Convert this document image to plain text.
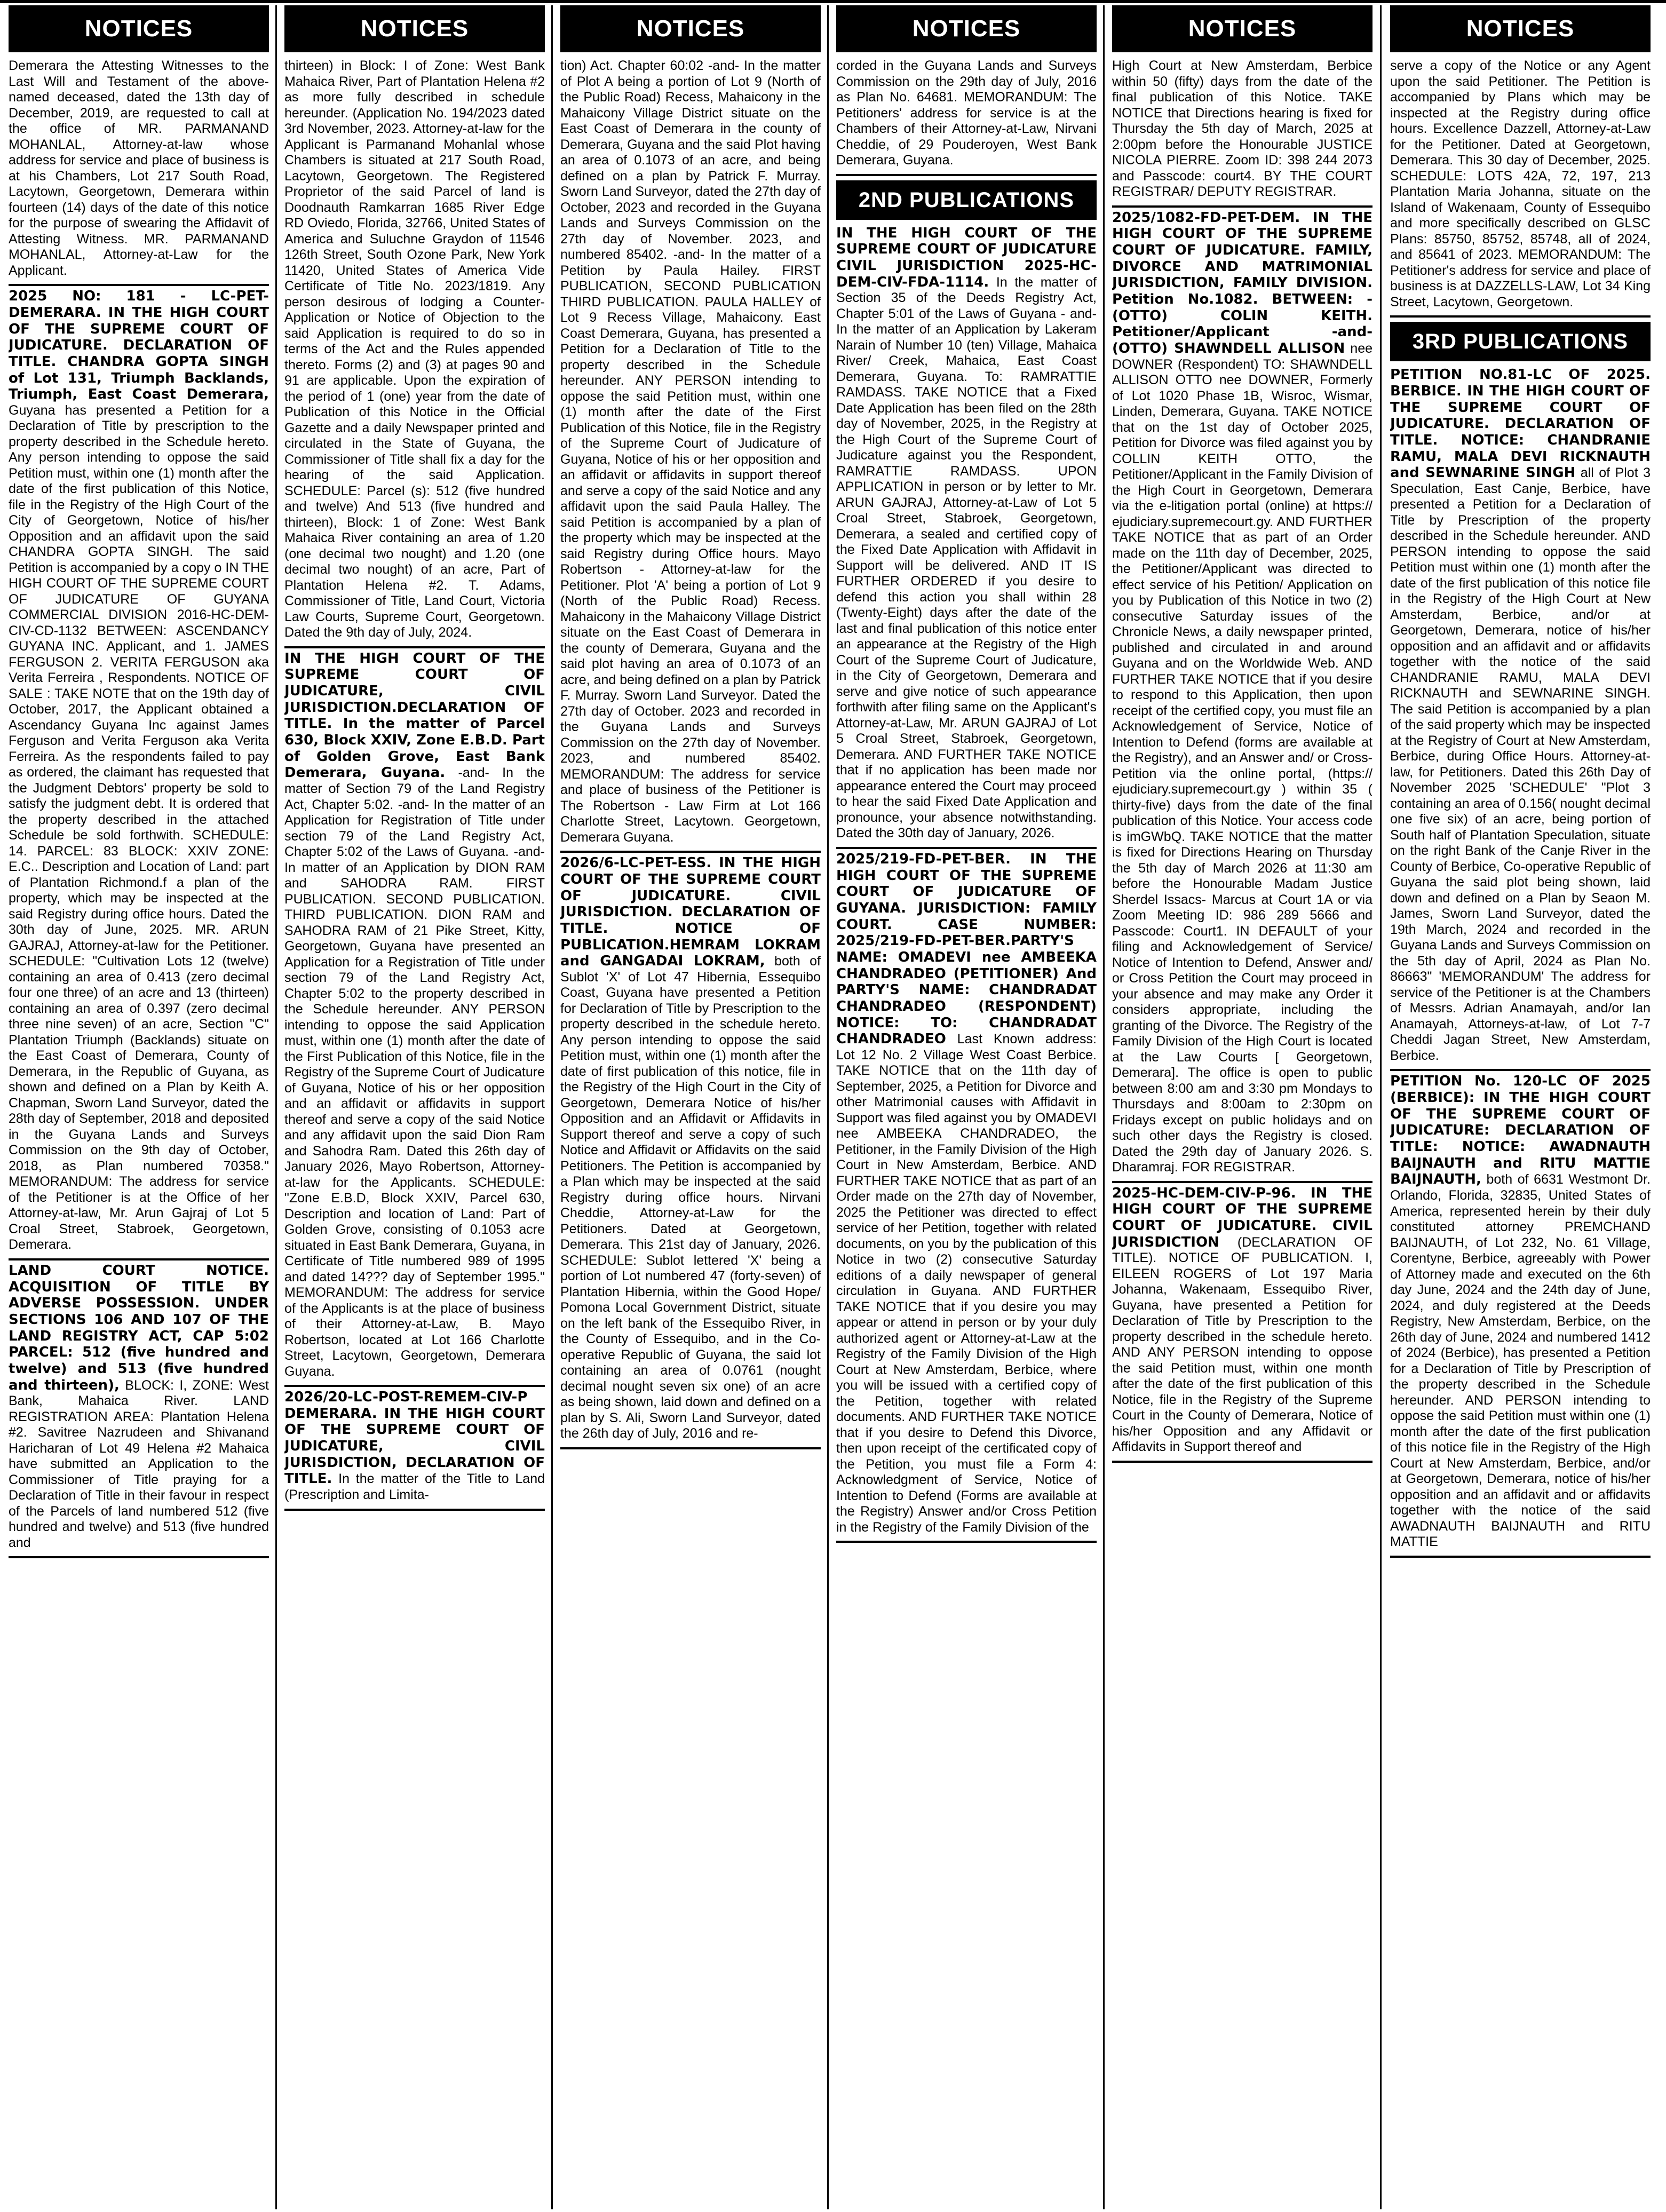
NOTICES

Demerara the Attesting Witnesses to the Last Will and Testament of the above-named deceased, dated the 13th day of December, 2019, are requested to call at the office of MR. PARMANAND MOHANLAL, Attorney-at-law whose address for service and place of business is at his Chambers, Lot 217 South Road, Lacytown, Georgetown, Demerara within fourteen (14) days of the date of this notice for the purpose of swearing the Affidavit of Attesting Witness. MR. PARMANAND MOHANLAL, Attorney-at-Law for the Applicant.

2025 NO: 181 - LC-PET-DEMERARA. IN THE HIGH COURT OF THE SUPREME COURT OF JUDICATURE. DECLARATION OF TITLE. CHANDRA GOPTA SINGH of Lot 131, Triumph Backlands, Triumph, East Coast Demerara, Guyana has presented a Petition for a Declaration of Title by prescription to the property described in the Schedule hereto. Any person intending to oppose the said Petition must, within one (1) month after the date of the first publication of this Notice, file in the Registry of the High Court of the City of Georgetown, Notice of his/her Opposition and an affidavit upon the said CHANDRA GOPTA SINGH. The said Petition is accompanied by a copy o IN THE HIGH COURT OF THE SUPREME COURT OF JUDICATURE OF GUYANA COMMERCIAL DIVISION 2016-HC-DEM-CIV-CD-1132 BETWEEN: ASCENDANCY GUYANA INC. Applicant, and 1. JAMES FERGUSON 2. VERITA FERGUSON aka Verita Ferreira , Respondents. NOTICE OF SALE : TAKE NOTE that on the 19th day of October, 2017, the Applicant obtained a Ascendancy Guyana Inc against James Ferguson and Verita Ferguson aka Verita Ferreira. As the respondents failed to pay as ordered, the claimant has requested that the Judgment Debtors' property be sold to satisfy the judgment debt. It is ordered that the property described in the attached Schedule be sold forthwith. SCHEDULE: 14. PARCEL: 83 BLOCK: XXIV ZONE: E.C.. Description and Location of Land: part of Plantation Richmond.f a plan of the property, which may be inspected at the said Registry during office hours. Dated the 30th day of June, 2025. MR. ARUN GAJRAJ, Attorney-at-law for the Petitioner. SCHEDULE: "Cultivation Lots 12 (twelve) containing an area of 0.413 (zero decimal four one three) of an acre and 13 (thirteen) containing an area of 0.397 (zero decimal three nine seven) of an acre, Section "C" Plantation Triumph (Backlands) situate on the East Coast of Demerara, County of Demerara, in the Republic of Guyana, as shown and defined on a Plan by Keith A. Chapman, Sworn Land Surveyor, dated the 28th day of September, 2018 and deposited in the Guyana Lands and Surveys Commission on the 9th day of October, 2018, as Plan numbered 70358." MEMORANDUM: The address for service of the Petitioner is at the Office of her Attorney-at-law, Mr. Arun Gajraj of Lot 5 Croal Street, Stabroek, Georgetown, Demerara.

LAND COURT NOTICE. ACQUISITION OF TITLE BY ADVERSE POSSESSION. UNDER SECTIONS 106 AND 107 OF THE LAND REGISTRY ACT, CAP 5:02 PARCEL: 512 (five hundred and twelve) and 513 (five hundred and thirteen), BLOCK: I, ZONE: West Bank, Mahaica River. LAND REGISTRATION AREA: Plantation Helena #2. Savitree Nazrudeen and Shivanand Haricharan of Lot 49 Helena #2 Mahaica have submitted an Application to the Commissioner of Title praying for a Declaration of Title in their favour in respect of the Parcels of land numbered 512 (five hundred and twelve) and 513 (five hundred and

NOTICES

thirteen) in Block: I of Zone: West Bank Mahaica River, Part of Plantation Helena #2 as more fully described in schedule hereunder. (Application No. 194/2023 dated 3rd November, 2023. Attorney-at-law for the Applicant is Parmanand Mohanlal whose Chambers is situated at 217 South Road, Lacytown, Georgetown. The Registered Proprietor of the said Parcel of land is Doodnauth Ramkarran 1685 River Edge RD Oviedo, Florida, 32766, United States of America and Suluchne Graydon of 11546 126th Street, South Ozone Park, New York 11420, United States of America Vide Certificate of Title No. 2023/1819. Any person desirous of lodging a Counter-Application or Notice of Objection to the said Application is required to do so in terms of the Act and the Rules appended thereto. Forms (2) and (3) at pages 90 and 91 are applicable. Upon the expiration of the period of 1 (one) year from the date of Publication of this Notice in the Official Gazette and a daily Newspaper printed and circulated in the State of Guyana, the Commissioner of Title shall fix a day for the hearing of the said Application. SCHEDULE: Parcel (s): 512 (five hundred and twelve) And 513 (five hundred and thirteen), Block: 1 of Zone: West Bank Mahaica River containing an area of 1.20 (one decimal two nought) and 1.20 (one decimal two nought) of an acre, Part of Plantation Helena #2. T. Adams, Commissioner of Title, Land Court, Victoria Law Courts, Supreme Court, Georgetown. Dated the 9th day of July, 2024.

IN THE HIGH COURT OF THE SUPREME COURT OF JUDICATURE, CIVIL JURISDICTION.DECLARATION OF TITLE. In the matter of Parcel 630, Block XXIV, Zone E.B.D. Part of Golden Grove, East Bank Demerara, Guyana. -and- In the matter of Section 79 of the Land Registry Act, Chapter 5:02. -and- In the matter of an Application for Registration of Title under section 79 of the Land Registry Act, Chapter 5:02 of the Laws of Guyana. -and- In matter of an Application by DION RAM and SAHODRA RAM. FIRST PUBLICATION. SECOND PUBLICATION. THIRD PUBLICATION. DION RAM and SAHODRA RAM of 21 Pike Street, Kitty, Georgetown, Guyana have presented an Application for a Registration of Title under section 79 of the Land Registry Act, Chapter 5:02 to the property described in the Schedule hereunder. ANY PERSON intending to oppose the said Application must, within one (1) month after the date of the First Publication of this Notice, file in the Registry of the Supreme Court of Judicature of Guyana, Notice of his or her opposition and an affidavit or affidavits in support thereof and serve a copy of the said Notice and any affidavit upon the said Dion Ram and Sahodra Ram. Dated this 26th day of January 2026, Mayo Robertson, Attorney-at-law for the Applicants. SCHEDULE: "Zone E.B.D, Block XXIV, Parcel 630, Description and location of Land: Part of Golden Grove, consisting of 0.1053 acre situated in East Bank Demerara, Guyana, in Certificate of Title numbered 989 of 1995 and dated 14??? day of September 1995." MEMORANDUM: The address for service of the Applicants is at the place of business of their Attorney-at-Law, B. Mayo Robertson, located at Lot 166 Charlotte Street, Lacytown, Georgetown, Demerara Guyana.

2026/20-LC-POST-REMEM-CIV-P DEMERARA. IN THE HIGH COURT OF THE SUPREME COURT OF JUDICATURE, CIVIL JURISDICTION, DECLARATION OF TITLE. In the matter of the Title to Land (Prescription and Limita-

NOTICES

tion) Act. Chapter 60:02 -and- In the matter of Plot A being a portion of Lot 9 (North of the Public Road) Recess, Mahaicony in the Mahaicony Village District situate on the East Coast of Demerara in the county of Demerara, Guyana and the said Plot having an area of 0.1073 of an acre, and being defined on a plan by Patrick F. Murray. Sworn Land Surveyor, dated the 27th day of October, 2023 and recorded in the Guyana Lands and Surveys Commission on the 27th day of November. 2023, and numbered 85402. -and- In the matter of a Petition by Paula Hailey. FIRST PUBLICATION, SECOND PUBLICATION THIRD PUBLICATION. PAULA HALLEY of Lot 9 Recess Village, Mahaicony. East Coast Demerara, Guyana, has presented a Petition for a Declaration of Title to the property described in the Schedule hereunder. ANY PERSON intending to oppose the said Petition must, within one (1) month after the date of the First Publication of this Notice, file in the Registry of the Supreme Court of Judicature of Guyana, Notice of his or her opposition and an affidavit or affidavits in support thereof and serve a copy of the said Notice and any affidavit upon the said Paula Halley. The said Petition is accompanied by a plan of the property which may be inspected at the said Registry during Office hours. Mayo Robertson - Attorney-at-law for the Petitioner. Plot 'A' being a portion of Lot 9 (North of the Public Road) Recess. Mahaicony in the Mahaicony Village District situate on the East Coast of Demerara in the county of Demerara, Guyana and the said plot having an area of 0.1073 of an acre, and being defined on a plan by Patrick F. Murray. Sworn Land Surveyor. Dated the 27th day of October. 2023 and recorded in the Guyana Lands and Surveys Commission on the 27th day of November. 2023, and numbered 85402. MEMORANDUM: The address for service and place of business of the Petitioner is The Robertson - Law Firm at Lot 166 Charlotte Street, Lacytown. Georgetown, Demerara Guyana.

2026/6-LC-PET-ESS. IN THE HIGH COURT OF THE SUPREME COURT OF JUDICATURE. CIVIL JURISDICTION. DECLARATION OF TITLE. NOTICE OF PUBLICATION.HEMRAM LOKRAM and GANGADAI LOKRAM, both of Sublot 'X' of Lot 47 Hibernia, Essequibo Coast, Guyana have presented a Petition for Declaration of Title by Prescription to the property described in the schedule hereto. Any person intending to oppose the said Petition must, within one (1) month after the date of first publication of this notice, file in the Registry of the High Court in the City of Georgetown, Demerara Notice of his/her Opposition and an Affidavit or Affidavits in Support thereof and serve a copy of such Notice and Affidavit or Affidavits on the said Petitioners. The Petition is accompanied by a Plan which may be inspected at the said Registry during office hours. Nirvani Cheddie, Attorney-at-Law for the Petitioners. Dated at Georgetown, Demerara. This 21st day of January, 2026. SCHEDULE: Sublot lettered 'X' being a portion of Lot numbered 47 (forty-seven) of Plantation Hibernia, within the Good Hope/ Pomona Local Government District, situate on the left bank of the Essequibo River, in the County of Essequibo, and in the Co-operative Republic of Guyana, the said lot containing an area of 0.0761 (nought decimal nought seven six one) of an acre as being shown, laid down and defined on a plan by S. Ali, Sworn Land Surveyor, dated the 26th day of July, 2016 and re-

NOTICES

corded in the Guyana Lands and Surveys Commission on the 29th day of July, 2016 as Plan No. 64681. MEMORANDUM: The Petitioners' address for service is at the Chambers of their Attorney-at-Law, Nirvani Cheddie, of 29 Pouderoyen, West Bank Demerara, Guyana.

2ND PUBLICATIONS

IN THE HIGH COURT OF THE SUPREME COURT OF JUDICATURE CIVIL JURISDICTION 2025-HC-DEM-CIV-FDA-1114. In the matter of Section 35 of the Deeds Registry Act, Chapter 5:01 of the Laws of Guyana - and- In the matter of an Application by Lakeram Narain of Number 10 (ten) Village, Mahaica River/ Creek, Mahaica, East Coast Demerara, Guyana. To: RAMRATTIE RAMDASS. TAKE NOTICE that a Fixed Date Application has been filed on the 28th day of November, 2025, in the Registry at the High Court of the Supreme Court of Judicature against you the Respondent, RAMRATTIE RAMDASS. UPON APPLICATION in person or by letter to Mr. ARUN GAJRAJ, Attorney-at-Law of Lot 5 Croal Street, Stabroek, Georgetown, Demerara, a sealed and certified copy of the Fixed Date Application with Affidavit in Support will be delivered. AND IT IS FURTHER ORDERED if you desire to defend this action you shall within 28 (Twenty-Eight) days after the date of the last and final publication of this notice enter an appearance at the Registry of the High Court of the Supreme Court of Judicature, in the City of Georgetown, Demerara and serve and give notice of such appearance forthwith after filing same on the Applicant's Attorney-at-Law, Mr. ARUN GAJRAJ of Lot 5 Croal Street, Stabroek, Georgetown, Demerara. AND FURTHER TAKE NOTICE that if no application has been made nor appearance entered the Court may proceed to hear the said Fixed Date Application and pronounce, your absence notwithstanding. Dated the 30th day of January, 2026.

2025/219-FD-PET-BER. IN THE HIGH COURT OF THE SUPREME COURT OF JUDICATURE OF GUYANA. JURISDICTION: FAMILY COURT. CASE NUMBER: 2025/219-FD-PET-BER.PARTY'S NAME: OMADEVI nee AMBEEKA CHANDRADEO (PETITIONER) And PARTY'S NAME: CHANDRADAT CHANDRADEO (RESPONDENT) NOTICE: TO: CHANDRADAT CHANDRADEO Last Known address: Lot 12 No. 2 Village West Coast Berbice. TAKE NOTICE that on the 11th day of September, 2025, a Petition for Divorce and other Matrimonial causes with Affidavit in Support was filed against you by OMADEVI nee AMBEEKA CHANDRADEO, the Petitioner, in the Family Division of the High Court in New Amsterdam, Berbice. AND FURTHER TAKE NOTICE that as part of an Order made on the 27th day of November, 2025 the Petitioner was directed to effect service of her Petition, together with related documents, on you by the publication of this Notice in two (2) consecutive Saturday editions of a daily newspaper of general circulation in Guyana. AND FURTHER TAKE NOTICE that if you desire you may appear or attend in person or by your duly authorized agent or Attorney-at-Law at the Registry of the Family Division of the High Court at New Amsterdam, Berbice, where you will be issued with a certified copy of the Petition, together with related documents. AND FURTHER TAKE NOTICE that if you desire to Defend this Divorce, then upon receipt of the certificated copy of the Petition, you must file a Form 4: Acknowledgment of Service, Notice of Intention to Defend (Forms are available at the Registry) Answer and/or Cross Petition in the Registry of the Family Division of the

NOTICES

High Court at New Amsterdam, Berbice within 50 (fifty) days from the date of the final publication of this Notice. TAKE NOTICE that Directions hearing is fixed for Thursday the 5th day of March, 2025 at 2:00pm before the Honourable JUSTICE NICOLA PIERRE. Zoom ID: 398 244 2073 and Passcode: court4. BY THE COURT REGISTRAR/ DEPUTY REGISTRAR.

2025/1082-FD-PET-DEM. IN THE HIGH COURT OF THE SUPREME COURT OF JUDICATURE. FAMILY, DIVORCE AND MATRIMONIAL JURISDICTION, FAMILY DIVISION. Petition No.1082. BETWEEN: - (OTTO) COLIN KEITH. Petitioner/Applicant -and- (OTTO) SHAWNDELL ALLISON nee DOWNER (Respondent) TO: SHAWNDELL ALLISON OTTO nee DOWNER, Formerly of Lot 1020 Phase 1B, Wisroc, Wismar, Linden, Demerara, Guyana. TAKE NOTICE that on the 1st day of October 2025, Petition for Divorce was filed against you by COLLIN KEITH OTTO, the Petitioner/Applicant in the Family Division of the High Court in Georgetown, Demerara via the e-litigation portal (online) at https:// ejudiciary.supremecourt.gy. AND FURTHER TAKE NOTICE that as part of an Order made on the 11th day of December, 2025, the Petitioner/Applicant was directed to effect service of his Petition/ Application on you by Publication of this Notice in two (2) consecutive Saturday issues of the Chronicle News, a daily newspaper printed, published and circulated in and around Guyana and on the Worldwide Web. AND FURTHER TAKE NOTICE that if you desire to respond to this Application, then upon receipt of the certified copy, you must file an Acknowledgement of Service, Notice of Intention to Defend (forms are available at the Registry), and an Answer and/ or Cross- Petition via the online portal, (https:// ejudiciary.supremecourt.gy ) within 35 ( thirty-five) days from the date of the final publication of this Notice. Your access code is imGWbQ. TAKE NOTICE that the matter is fixed for Directions Hearing on Thursday the 5th day of March 2026 at 11:30 am before the Honourable Madam Justice Sherdel Issacs- Marcus at Court 1A or via Zoom Meeting ID: 986 289 5666 and Passcode: Court1. IN DEFAULT of your filing and Acknowledgement of Service/ Notice of Intention to Defend, Answer and/ or Cross Petition the Court may proceed in your absence and may make any Order it considers appropriate, including the granting of the Divorce. The Registry of the Family Division of the High Court is located at the Law Courts [ Georgetown, Demerara]. The office is open to public between 8:00 am and 3:30 pm Mondays to Thursdays and 8:00am to 2:30pm on Fridays except on public holidays and on such other days the Registry is closed. Dated the 29th day of January 2026. S. Dharamraj. FOR REGISTRAR.

2025-HC-DEM-CIV-P-96. IN THE HIGH COURT OF THE SUPREME COURT OF JUDICATURE. CIVIL JURISDICTION (DECLARATION OF TITLE). NOTICE OF PUBLICATION. I, EILEEN ROGERS of Lot 197 Maria Johanna, Wakenaam, Essequibo River, Guyana, have presented a Petition for Declaration of Title by Prescription to the property described in the schedule hereto. AND ANY PERSON intending to oppose the said Petition must, within one month after the date of the first publication of this Notice, file in the Registry of the Supreme Court in the County of Demerara, Notice of his/her Opposition and any Affidavit or Affidavits in Support thereof and

NOTICES

serve a copy of the Notice or any Agent upon the said Petitioner. The Petition is accompanied by Plans which may be inspected at the Registry during office hours. Excellence Dazzell, Attorney-at-Law for the Petitioner. Dated at Georgetown, Demerara. This 30 day of December, 2025. SCHEDULE: LOTS 42A, 72, 197, 213 Plantation Maria Johanna, situate on the Island of Wakenaam, County of Essequibo and more specifically described on GLSC Plans: 85750, 85752, 85748, all of 2024, and 85641 of 2023. MEMORANDUM: The Petitioner's address for service and place of business is at DAZZELLS-LAW, Lot 34 King Street, Lacytown, Georgetown.

3RD PUBLICATIONS

PETITION NO.81-LC OF 2025. BERBICE. IN THE HIGH COURT OF THE SUPREME COURT OF JUDICATURE. DECLARATION OF TITLE. NOTICE: CHANDRANIE RAMU, MALA DEVI RICKNAUTH and SEWNARINE SINGH all of Plot 3 Speculation, East Canje, Berbice, have presented a Petition for a Declaration of Title by Prescription of the property described in the Schedule hereunder. AND PERSON intending to oppose the said Petition must within one (1) month after the date of the first publication of this notice file in the Registry of the High Court at New Amsterdam, Berbice, and/or at Georgetown, Demerara, notice of his/her opposition and an affidavit and or affidavits together with the notice of the said CHANDRANIE RAMU, MALA DEVI RICKNAUTH and SEWNARINE SINGH. The said Petition is accompanied by a plan of the said property which may be inspected at the Registry of Court at New Amsterdam, Berbice, during Office Hours. Attorney-at-law, for Petitioners. Dated this 26th Day of November 2025 'SCHEDULE' "Plot 3 containing an area of 0.156( nought decimal one five six) of an acre, being portion of South half of Plantation Speculation, situate on the right Bank of the Canje River in the County of Berbice, Co-operative Republic of Guyana the said plot being shown, laid down and defined on a Plan by Seaon M. James, Sworn Land Surveyor, dated the 19th March, 2024 and recorded in the Guyana Lands and Surveys Commission on the 5th day of April, 2024 as Plan No. 86663" 'MEMORANDUM' The address for service of the Petitioner is at the Chambers of Messrs. Adrian Anamayah, and/or Ian Anamayah, Attorneys-at-law, of Lot 7-7 Cheddi Jagan Street, New Amsterdam, Berbice.

PETITION No. 120-LC OF 2025 (BERBICE): IN THE HIGH COURT OF THE SUPREME COURT OF JUDICATURE: DECLARATION OF TITLE: NOTICE: AWADNAUTH BAIJNAUTH and RITU MATTIE BAIJNAUTH, both of 6631 Westmont Dr. Orlando, Florida, 32835, United States of America, represented herein by their duly constituted attorney PREMCHAND BAIJNAUTH, of Lot 232, No. 61 Village, Corentyne, Berbice, agreeably with Power of Attorney made and executed on the 6th day June, 2024 and the 24th day of June, 2024, and duly registered at the Deeds Registry, New Amsterdam, Berbice, on the 26th day of June, 2024 and numbered 1412 of 2024 (Berbice), has presented a Petition for a Declaration of Title by Prescription of the property described in the Schedule hereunder. AND PERSON intending to oppose the said Petition must within one (1) month after the date of the first publication of this notice file in the Registry of the High Court at New Amsterdam, Berbice, and/or at Georgetown, Demerara, notice of his/her opposition and an affidavit and or affidavits together with the notice of the said AWADNAUTH BAIJNAUTH and RITU MATTIE
